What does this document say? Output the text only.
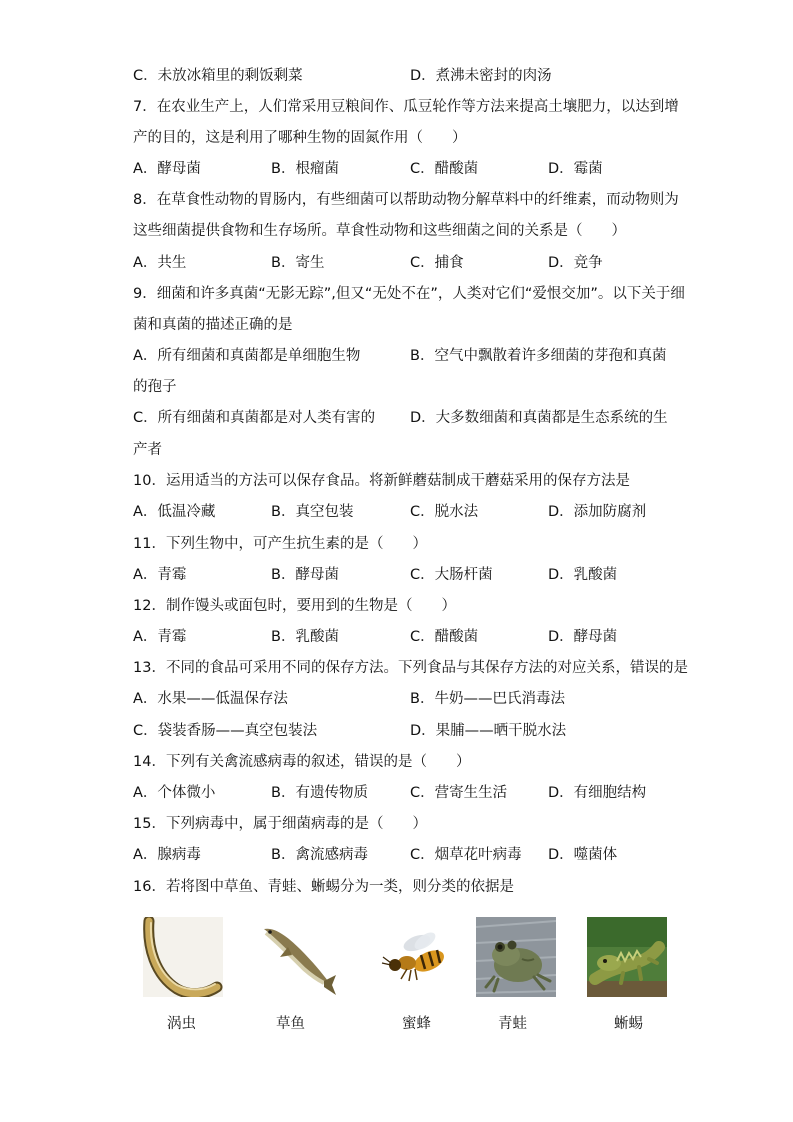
C．未放冰箱里的剩饭剩菜	D．煮沸未密封的肉汤
7．在农业生产上，人们常采用豆粮间作、瓜豆轮作等方法来提高土壤肥力，以达到增
产的目的，这是利用了哪种生物的固氮作用（　　）
A．酵母菌	B．根瘤菌	C．醋酸菌	D．霉菌
8．在草食性动物的胃肠内，有些细菌可以帮助动物分解草料中的纤维素，而动物则为
这些细菌提供食物和生存场所。草食性动物和这些细菌之间的关系是（　　）
A．共生	B．寄生	C．捕食	D．竞争
9．细菌和许多真菌“无影无踪”,但又“无处不在”，人类对它们“爱恨交加”。以下关于细
菌和真菌的描述正确的是
A．所有细菌和真菌都是单细胞生物	B．空气中飘散着许多细菌的芽孢和真菌
的孢子
C．所有细菌和真菌都是对人类有害的 D．大多数细菌和真菌都是生态系统的生
产者
10．运用适当的方法可以保存食品。将新鲜蘑菇制成干蘑菇采用的保存方法是
A．低温冷藏	B．真空包装	C．脱水法	D．添加防腐剂
11．下列生物中，可产生抗生素的是（　　）
A．青霉	B．酵母菌	C．大肠杆菌	D．乳酸菌
12．制作馒头或面包时，要用到的生物是（　　）
A．青霉	B．乳酸菌	C．醋酸菌	D．酵母菌
13．不同的食品可采用不同的保存方法。下列食品与其保存方法的对应关系，错误的是
A．水果——低温保存法	B．牛奶——巴氏消毒法
C．袋装香肠——真空包装法	D．果脯——晒干脱水法
14．下列有关禽流感病毒的叙述，错误的是（　　）
A．个体微小	B．有遗传物质	C．营寄生生活	D．有细胞结构
15．下列病毒中，属于细菌病毒的是（　　）
A．腺病毒	B．禽流感病毒	C．烟草花叶病毒 D．噬菌体
16．若将图中草鱼、青蛙、蜥蜴分为一类，则分类的依据是
涡虫	草鱼	蜜蜂	青蛙	蜥蜴
